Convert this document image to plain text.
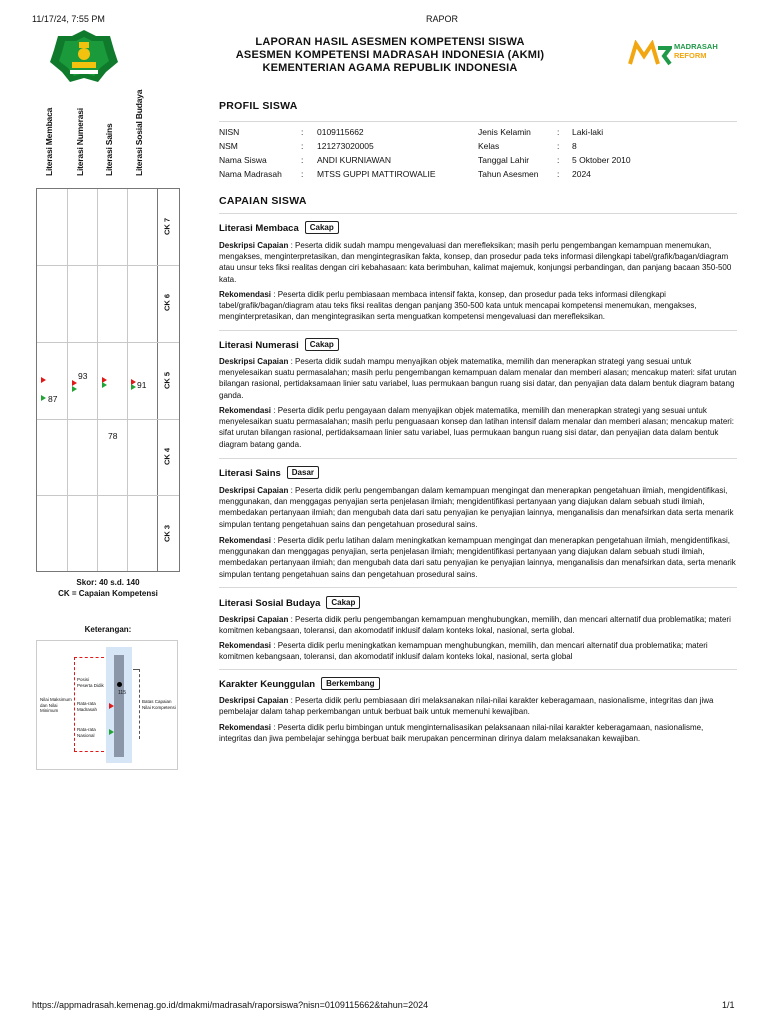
11/17/24, 7:55 PM	RAPOR
LAPORAN HASIL ASESMEN KOMPETENSI SISWA
ASESMEN KOMPETENSI MADRASAH INDONESIA (AKMI)
KEMENTERIAN AGAMA REPUBLIK INDONESIA
MADRASAH
REFORM
Literasi Membaca Literasi Numerasi Literasi Sains Literasi Sosial Budaya
CK 7
CK 6
CK 5
CK 4
CK 3
87
93
78
91
Skor: 40 s.d. 140
CK = Capaian Kompetensi
Keterangan:
115
Posisi Peserta Didik
Rata-rata Madrasah
Rata-rata Nasional
Nilai Maksimum dan Nilai Minimum
Batas Capaian Nilai Kompetensi
PROFIL SISWA
NISN	: 0109115662
NSM	: 121273020005
Nama Siswa	: ANDI KURNIAWAN
Nama Madrasah : MTSS GUPPI MATTIROWALIE
Jenis Kelamin	: Laki-laki
Kelas	: 8
Tanggal Lahir	: 5 Oktober 2010
Tahun Asesmen : 2024
CAPAIAN SISWA
Literasi Membaca Cakap
Deskripsi Capaian : Peserta didik sudah mampu mengevaluasi dan merefleksikan; masih perlu pengembangan kemampuan menemukan, mengakses, menginterpretasikan, dan mengintegrasikan fakta, konsep, dan prosedur pada teks informasi dilengkapi tabel/grafik/bagan/diagram atau unsur teks fiksi realitas dengan ciri kebahasaan: kata berimbuhan, kalimat majemuk, konjungsi perbandingan, dan panjang bacaan 350-500 kata.
Rekomendasi : Peserta didik perlu pembiasaan membaca intensif fakta, konsep, dan prosedur pada teks informasi dilengkapi tabel/grafik/bagan/diagram atau teks fiksi realitas dengan panjang 350-500 kata untuk mencapai kompetensi menemukan, mengakses, menginterpretasikan, dan mengintegrasikan serta menguatkan kompetensi mengevaluasi dan merefleksikan.
Literasi Numerasi Cakap
Deskripsi Capaian : Peserta didik sudah mampu menyajikan objek matematika, memilih dan menerapkan strategi yang sesuai untuk menyelesaikan suatu permasalahan; masih perlu pengembangan kemampuan dalam menalar dan memberi alasan; mencakup materi: sifat urutan bilangan rasional, pertidaksamaan linier satu variabel, luas permukaan bangun ruang sisi datar, dan penyajian data dalam bentuk diagram batang ganda.
Rekomendasi : Peserta didik perlu pengayaan dalam menyajikan objek matematika, memilih dan menerapkan strategi yang sesuai untuk menyelesaikan suatu permasalahan; masih perlu penguasaan konsep dan latihan intensif dalam menalar dan memberi alasan; mencakup materi: sifat urutan bilangan rasional, pertidaksamaan linier satu variabel, luas permukaan bangun ruang sisi datar, dan penyajian data dalam bentuk diagram batang ganda.
Literasi Sains Dasar
Deskripsi Capaian : Peserta didik perlu pengembangan dalam kemampuan mengingat dan menerapkan pengetahuan ilmiah, mengidentifikasi, menggunakan, dan menggagas penyajian serta penjelasan ilmiah; mengidentifikasi pertanyaan yang diajukan dalam sebuah studi ilmiah, membedakan pertanyaan ilmiah; dan mengubah data dari satu penyajian ke penyajian lainnya, menganalisis dan menafsirkan data serta menarik simpulan tentang pengetahuan sains dan pengetahuan prosedural sains.
Rekomendasi : Peserta didik perlu latihan dalam meningkatkan kemampuan mengingat dan menerapkan pengetahuan ilmiah, mengidentifikasi, menggunakan dan menggagas penyajian, serta penjelasan ilmiah; mengidentifikasi pertanyaan yang diajukan dalam sebuah studi ilmiah, membedakan pertanyaan ilmiah; dan mengubah data dari satu penyajian ke penyajian lainnya, menganalisis dan menafsirkan data, serta menarik simpulan tentang pengetahuan sains dan pengetahuan prosedural sains.
Literasi Sosial Budaya Cakap
Deskripsi Capaian : Peserta didik perlu pengembangan kemampuan menghubungkan, memilih, dan mencari alternatif dua problematika; materi komitmen kebangsaan, toleransi, dan akomodatif inklusif dalam konteks lokal, nasional, serta global.
Rekomendasi : Peserta didik perlu meningkatkan kemampuan menghubungkan, memilih, dan mencari alternatif dua problematika; materi komitmen kebangsaan, toleransi, dan akomodatif inklusif dalam konteks lokal, nasional, serta global
Karakter Keunggulan Berkembang
Deskripsi Capaian : Peserta didik perlu pembiasaan diri melaksanakan nilai-nilai karakter keberagamaan, nasionalisme, integritas dan jiwa pembelajar dalam tahap perkembangan untuk berbuat baik untuk memenuhi kewajiban.
Rekomendasi : Peserta didik perlu bimbingan untuk menginternalisasikan pelaksanaan nilai-nilai karakter keberagamaan, nasionalisme, integritas dan jiwa pembelajar sehingga berbuat baik merupakan pencerminan dirinya dalam melaksanakan kewajiban.
https://appmadrasah.kemenag.go.id/dmakmi/madrasah/raporsiswa?nisn=0109115662&tahun=2024	1/1
